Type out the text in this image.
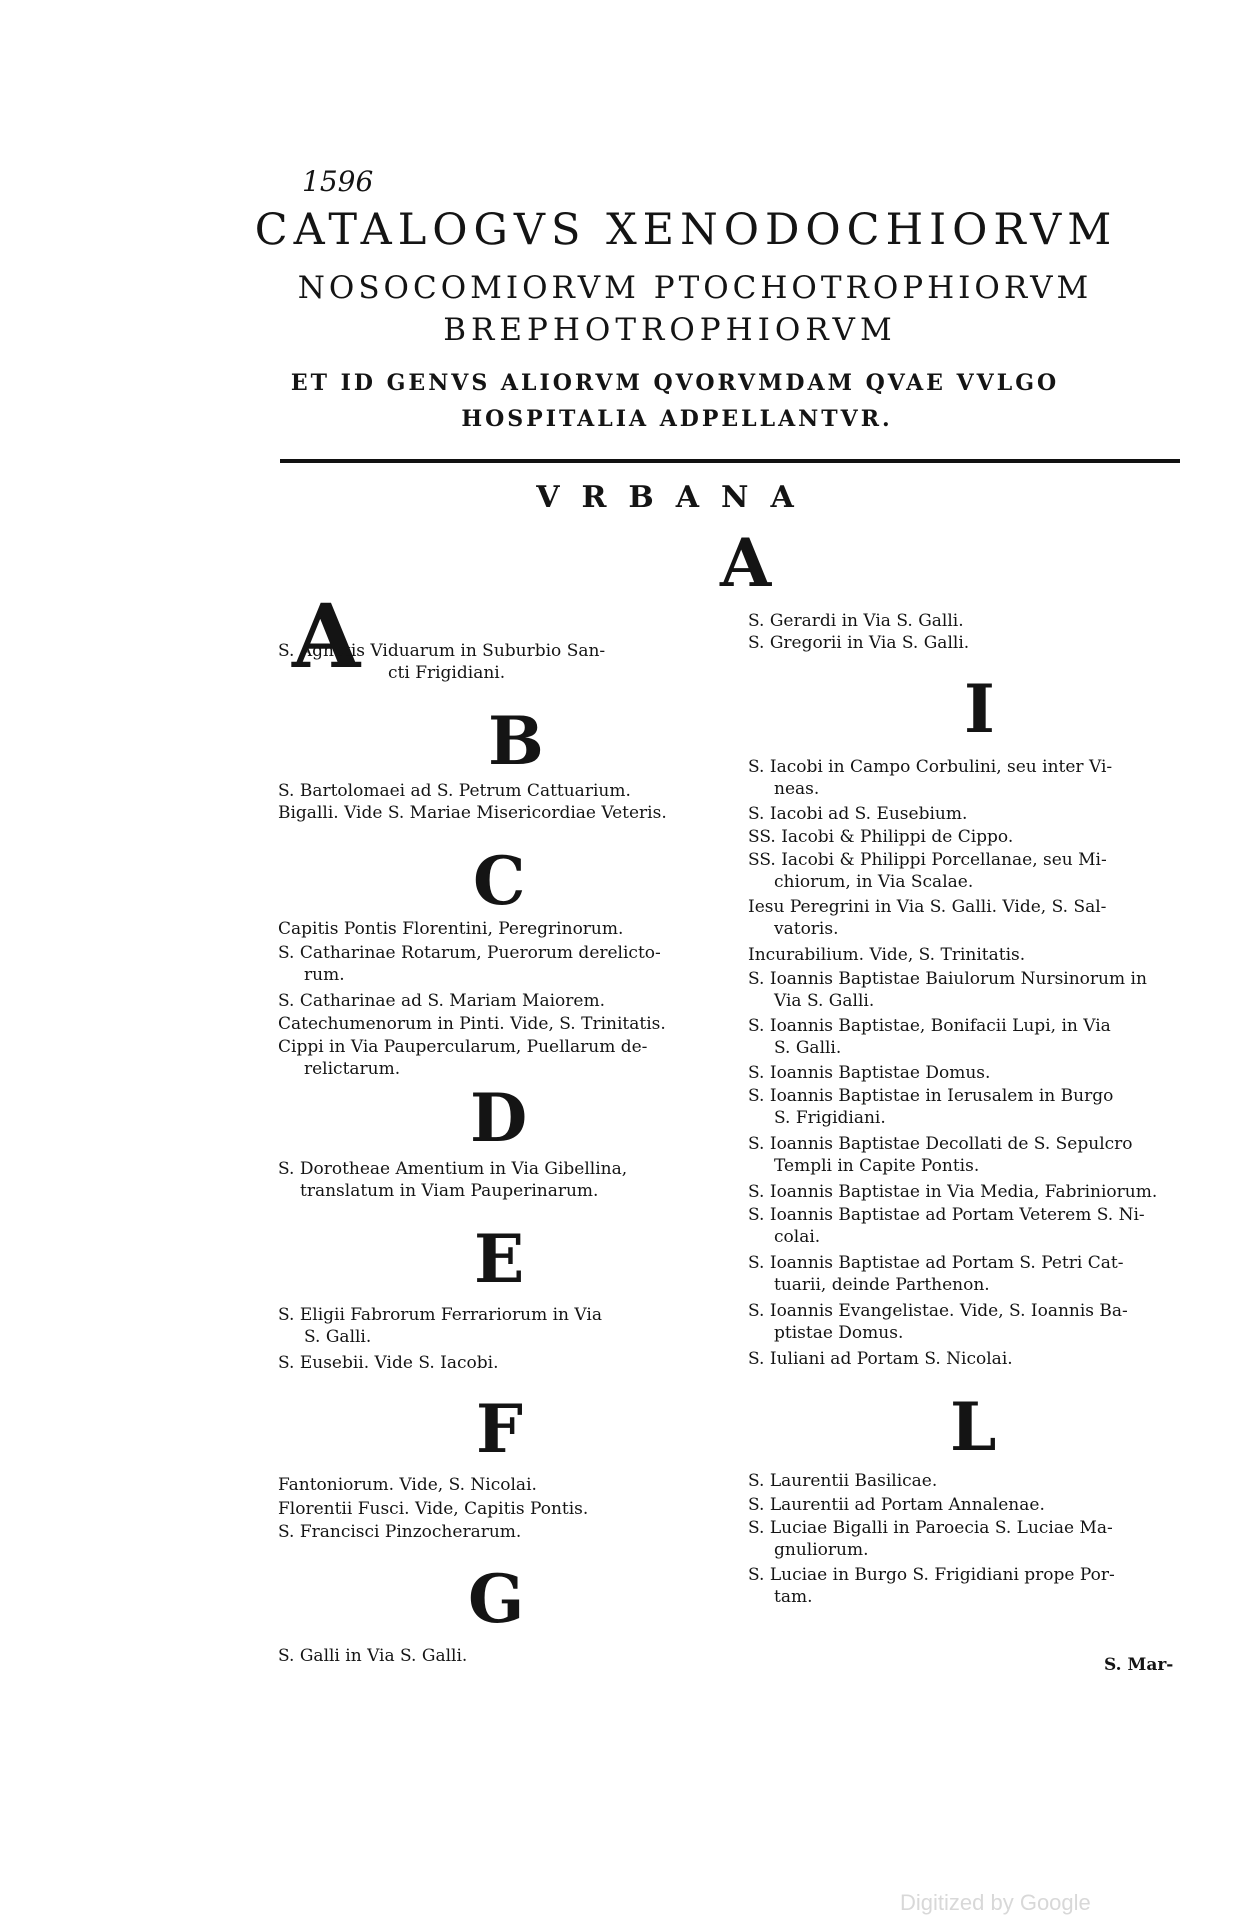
1596
CATALOGVS XENODOCHIORVM
NOSOCOMIORVM PTOCHOTROPHIORVM
BREPHOTROPHIORVM
ET ID GENVS ALIORVM QVORVMDAM QVAE VVLGO
HOSPITALIA ADPELLANTVR.
VRBANA
A
S. Agnetis Viduarum in Suburbio San-
cti Frigidiani.
B
S. Bartolomaei ad S. Petrum Cattuarium.
Bigalli. Vide S. Mariae Misericordiae Veteris.
C
Capitis Pontis Florentini, Peregrinorum.
S. Catharinae Rotarum, Puerorum derelicto-
rum.
S. Catharinae ad S. Mariam Maiorem.
Catechumenorum in Pinti. Vide, S. Trinitatis.
Cippi in Via Paupercularum, Puellarum de-
relictarum.
D
S. Dorotheae Amentium in Via Gibellina,
translatum in Viam Pauperinarum.
E
S. Eligii Fabrorum Ferrariorum in Via
S. Galli.
S. Eusebii. Vide S. Iacobi.
F
Fantoniorum. Vide, S. Nicolai.
Florentii Fusci. Vide, Capitis Pontis.
S. Francisci Pinzocherarum.
G
S. Galli in Via S. Galli.
A
S. Gerardi in Via S. Galli.
S. Gregorii in Via S. Galli.
I
S. Iacobi in Campo Corbulini, seu inter Vi-
neas.
S. Iacobi ad S. Eusebium.
SS. Iacobi & Philippi de Cippo.
SS. Iacobi & Philippi Porcellanae, seu Mi-
chiorum, in Via Scalae.
Iesu Peregrini in Via S. Galli. Vide, S. Sal-
vatoris.
Incurabilium. Vide, S. Trinitatis.
S. Ioannis Baptistae Baiulorum Nursinorum in
Via S. Galli.
S. Ioannis Baptistae, Bonifacii Lupi, in Via
S. Galli.
S. Ioannis Baptistae Domus.
S. Ioannis Baptistae in Ierusalem in Burgo
S. Frigidiani.
S. Ioannis Baptistae Decollati de S. Sepulcro
Templi in Capite Pontis.
S. Ioannis Baptistae in Via Media, Fabriniorum.
S. Ioannis Baptistae ad Portam Veterem S. Ni-
colai.
S. Ioannis Baptistae ad Portam S. Petri Cat-
tuarii, deinde Parthenon.
S. Ioannis Evangelistae. Vide, S. Ioannis Ba-
ptistae Domus.
S. Iuliani ad Portam S. Nicolai.
L
S. Laurentii Basilicae.
S. Laurentii ad Portam Annalenae.
S. Luciae Bigalli in Paroecia S. Luciae Ma-
gnuliorum.
S. Luciae in Burgo S. Frigidiani prope Por-
tam.
S. Mar-
Digitized by Google
